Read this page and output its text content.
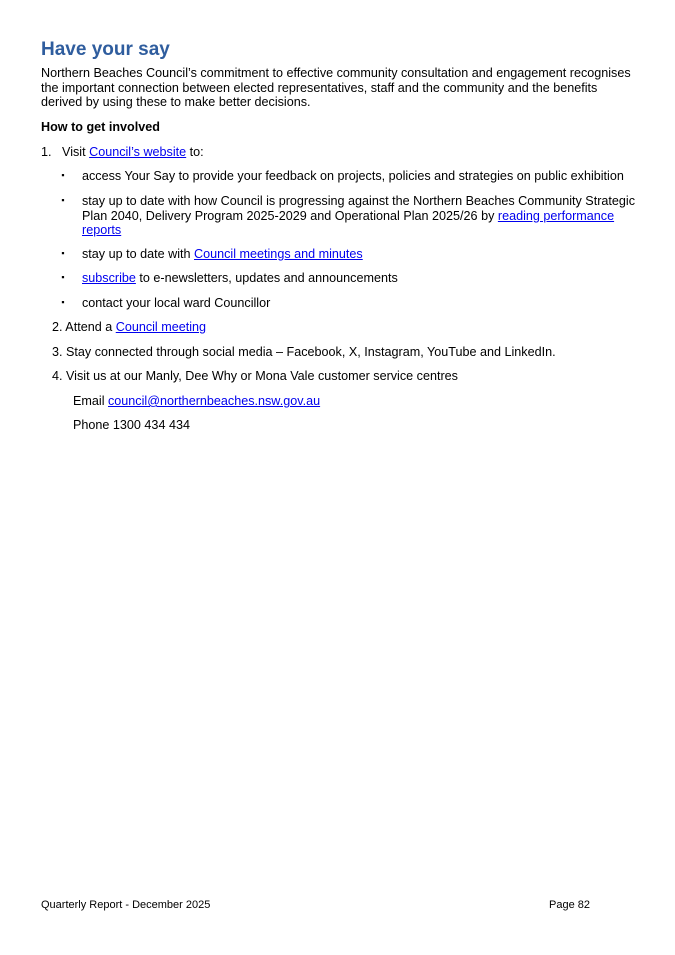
Have your say

Northern Beaches Council’s commitment to effective community consultation and engagement recognises the important connection between elected representatives, staff and the community and the benefits derived by using these to make better decisions.

How to get involved

1. Visit Council’s website to:

▪ access Your Say to provide your feedback on projects, policies and strategies on public exhibition

▪ stay up to date with how Council is progressing against the Northern Beaches Community Strategic Plan 2040, Delivery Program 2025-2029 and Operational Plan 2025/26 by reading performance reports

▪ stay up to date with Council meetings and minutes

▪ subscribe to e-newsletters, updates and announcements

▪ contact your local ward Councillor

2. Attend a Council meeting

3. Stay connected through social media – Facebook, X, Instagram, YouTube and LinkedIn.

4. Visit us at our Manly, Dee Why or Mona Vale customer service centres

Email council@northernbeaches.nsw.gov.au

Phone 1300 434 434

Quarterly Report - December 2025	Page 82
